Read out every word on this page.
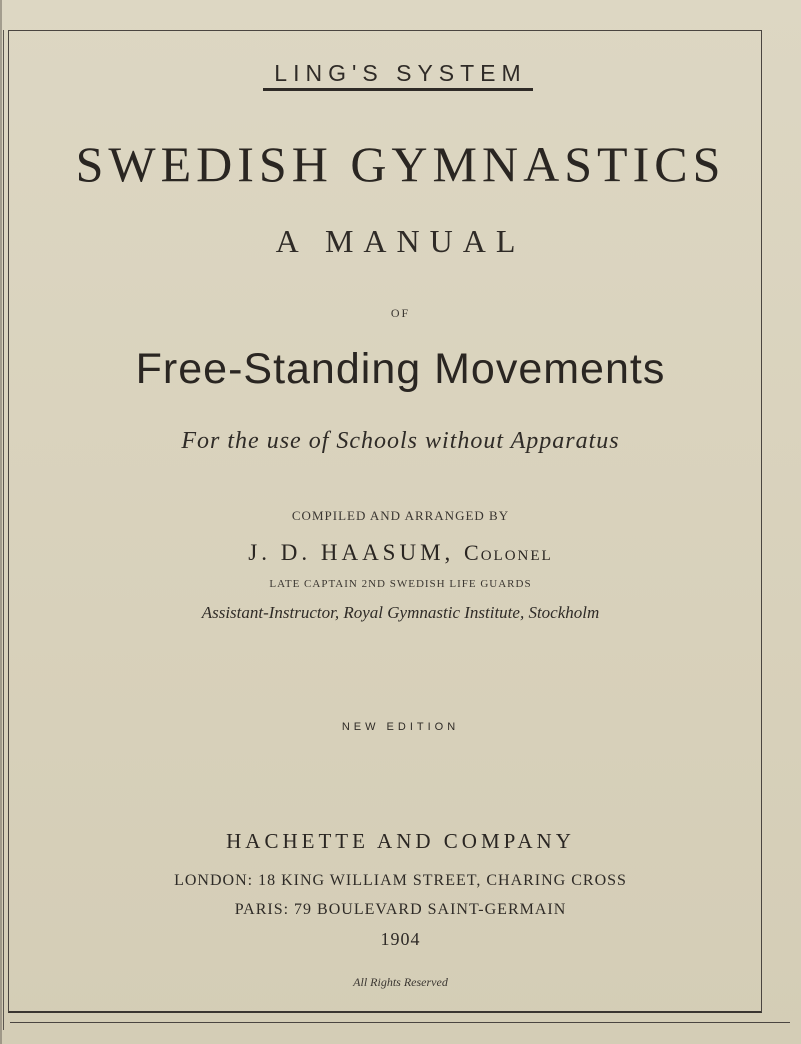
LING'S SYSTEM
SWEDISH GYMNASTICS
A MANUAL
OF
Free-Standing Movements
For the use of Schools without Apparatus
COMPILED AND ARRANGED BY
J. D. HAASUM, Colonel
LATE CAPTAIN 2ND SWEDISH LIFE GUARDS
Assistant-Instructor, Royal Gymnastic Institute, Stockholm
NEW EDITION
HACHETTE AND COMPANY
LONDON: 18 KING WILLIAM STREET, CHARING CROSS
PARIS: 79 BOULEVARD SAINT-GERMAIN
1904
All Rights Reserved
